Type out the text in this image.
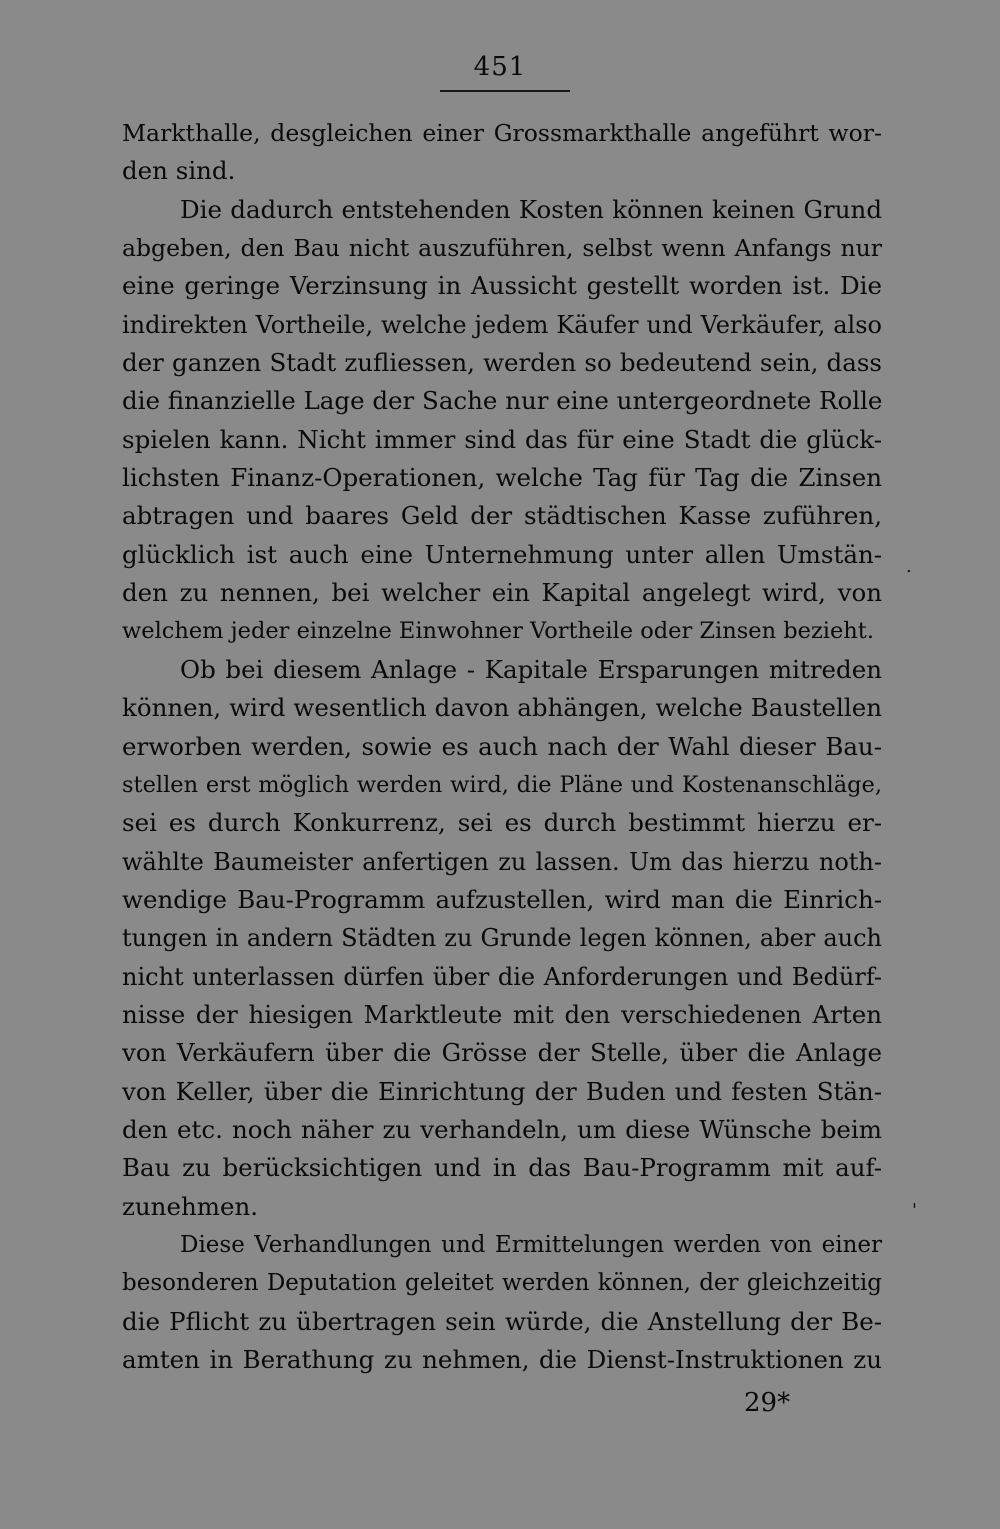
451
Markthalle, desgleichen einer Grossmarkthalle angeführt wor-
den sind.
Die dadurch entstehenden Kosten können keinen Grund
abgeben, den Bau nicht auszuführen, selbst wenn Anfangs nur
eine geringe Verzinsung in Aussicht gestellt worden ist. Die
indirekten Vortheile, welche jedem Käufer und Verkäufer, also
der ganzen Stadt zufliessen, werden so bedeutend sein, dass
die finanzielle Lage der Sache nur eine untergeordnete Rolle
spielen kann. Nicht immer sind das für eine Stadt die glück-
lichsten Finanz-Operationen, welche Tag für Tag die Zinsen
abtragen und baares Geld der städtischen Kasse zuführen,
glücklich ist auch eine Unternehmung unter allen Umstän-
den zu nennen, bei welcher ein Kapital angelegt wird, von
welchem jeder einzelne Einwohner Vortheile oder Zinsen bezieht.
Ob bei diesem Anlage - Kapitale Ersparungen mitreden
können, wird wesentlich davon abhängen, welche Baustellen
erworben werden, sowie es auch nach der Wahl dieser Bau-
stellen erst möglich werden wird, die Pläne und Kostenanschläge,
sei es durch Konkurrenz, sei es durch bestimmt hierzu er-
wählte Baumeister anfertigen zu lassen. Um das hierzu noth-
wendige Bau-Programm aufzustellen, wird man die Einrich-
tungen in andern Städten zu Grunde legen können, aber auch
nicht unterlassen dürfen über die Anforderungen und Bedürf-
nisse der hiesigen Marktleute mit den verschiedenen Arten
von Verkäufern über die Grösse der Stelle, über die Anlage
von Keller, über die Einrichtung der Buden und festen Stän-
den etc. noch näher zu verhandeln, um diese Wünsche beim
Bau zu berücksichtigen und in das Bau-Programm mit auf-
zunehmen.
Diese Verhandlungen und Ermittelungen werden von einer
besonderen Deputation geleitet werden können, der gleichzeitig
die Pflicht zu übertragen sein würde, die Anstellung der Be-
amten in Berathung zu nehmen, die Dienst-Instruktionen zu
29*
.
'
